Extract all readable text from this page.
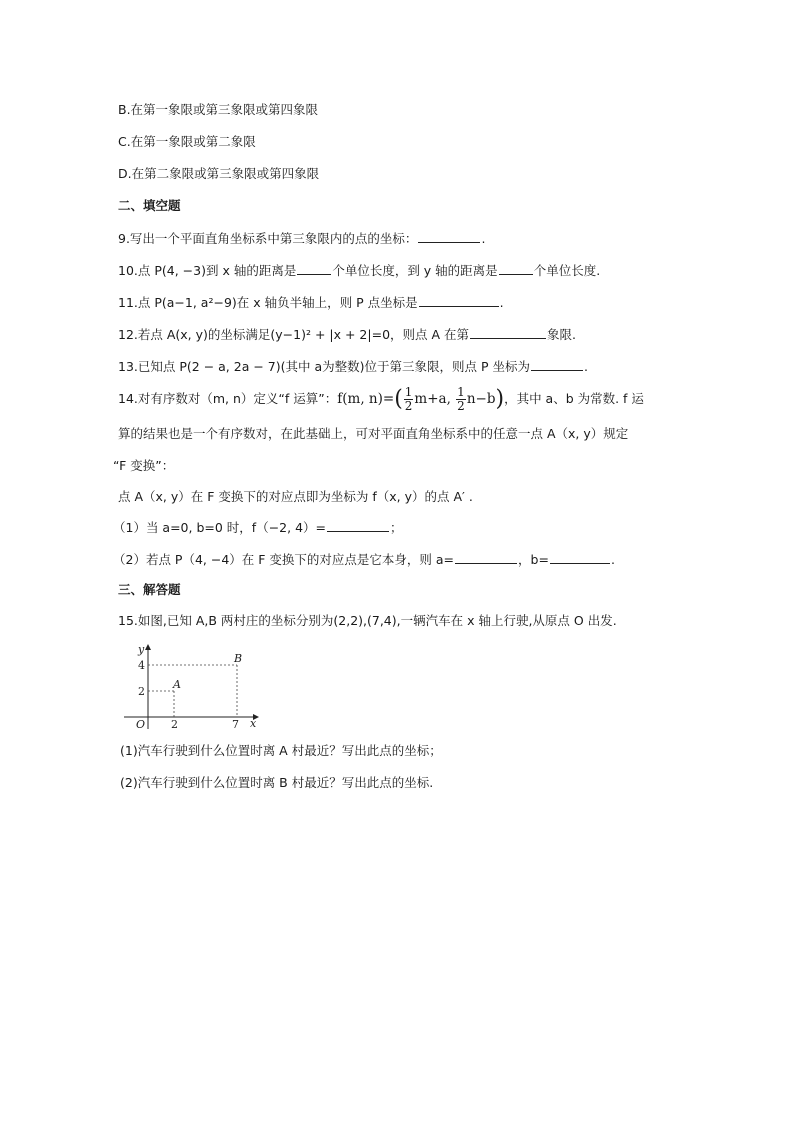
B.在第一象限或第三象限或第四象限
C.在第一象限或第二象限
D.在第二象限或第三象限或第四象限
二、填空题
9.写出一个平面直角坐标系中第三象限内的点的坐标：	.
10.点 P(4, −3)到 x 轴的距离是	个单位长度，到 y 轴的距离是	个单位长度.
11.点 P(a−1, a²−9)在 x 轴负半轴上，则 P 点坐标是	.
12.若点 A(x, y)的坐标满足(y−1)² + |x + 2|=0，则点 A 在第	象限.
13.已知点 P(2 − a, 2a − 7)(其中 a为整数)位于第三象限，则点 P 坐标为	.
14.对有序数对（m, n）定义“f 运算”：f(m, $n)=( \frac{1}{2} m+a$, $\frac{1}{2} n-b$)，其中 a、b 为常数. f 运
算的结果也是一个有序数对，在此基础上，可对平面直角坐标系中的任意一点 A（x, y）规定
“F 变换”：
点 A（x, y）在 F 变换下的对应点即为坐标为 f（x, y）的点 A′ .
（1）当 a=0, b=0 时，f（−2, 4）=	；
（2）若点 P（4, −4）在 F 变换下的对应点是它本身，则 a=	，b=	.
三、解答题
15.如图,已知 A,B 两村庄的坐标分别为(2,2),(7,4),一辆汽车在 x 轴上行驶,从原点 O 出发.
y
x
O
4
2
2	7
A
B
(1)汽车行驶到什么位置时离 A 村最近？写出此点的坐标；
(2)汽车行驶到什么位置时离 B 村最近？写出此点的坐标.
